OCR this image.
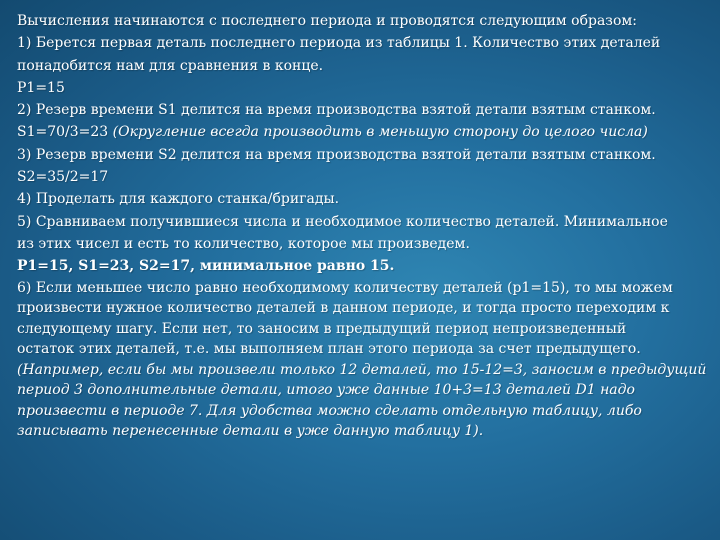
Вычисления начинаются с последнего периода и проводятся следующим образом:
1) Берется первая деталь последнего периода из таблицы 1. Количество этих деталей
понадобится нам для сравнения в конце.
P1=15
2) Резерв времени S1 делится на время производства взятой детали взятым станком.
S1=70/3=23 (Округление всегда производить в меньшую сторону до целого числа)
3) Резерв времени S2 делится на время производства взятой детали взятым станком.
S2=35/2=17
4) Проделать для каждого станка/бригады.
5) Сравниваем получившиеся числа и необходимое количество деталей. Минимальное
из этих чисел и есть то количество, которое мы произведем.
P1=15, S1=23, S2=17, минимальное равно 15.
6) Если меньшее число равно необходимому количеству деталей (p1=15), то мы можем
произвести нужное количество деталей в данном периоде, и тогда просто переходим к
следующему шагу. Если нет, то заносим в предыдущий период непроизведенный
остаток этих деталей, т.е. мы выполняем план этого периода за счет предыдущего.
(Например, если бы мы произвели только 12 деталей, то 15-12=3, заносим в предыдущий
период 3 дополнительные детали, итого уже данные 10+3=13 деталей D1 надо
произвести в периоде 7. Для удобства можно сделать отдельную таблицу, либо
записывать перенесенные детали в уже данную таблицу 1).
